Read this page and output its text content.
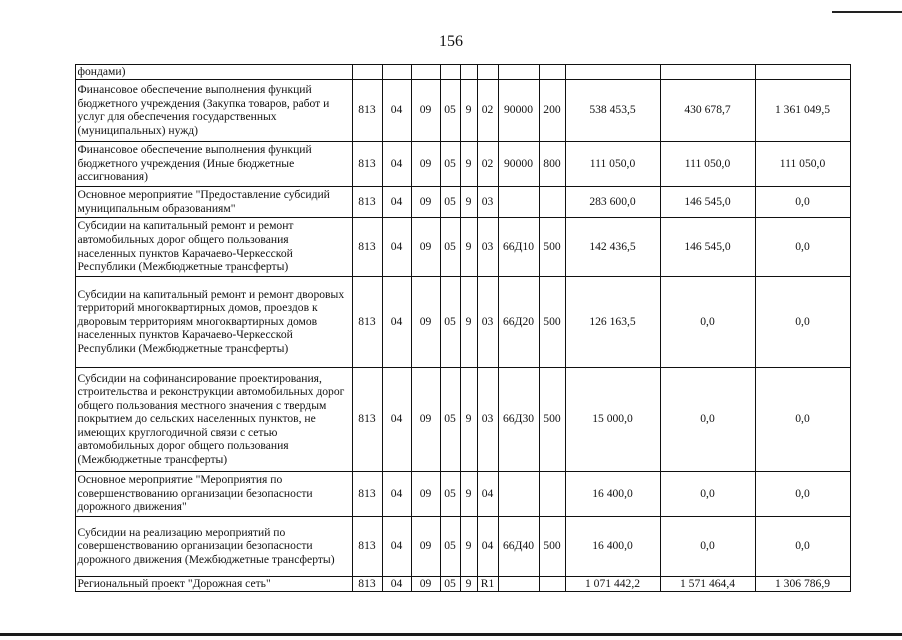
156
	фондами)											
	Финансовое обеспечение выполнения функций бюджетного учреждения (Закупка товаров, работ и услуг для обеспечения государственных (муниципальных) нужд)	813	04	09	05	9	02	90000	200	538 453,5	430 678,7	1 361 049,5
	Финансовое обеспечение выполнения функций бюджетного учреждения (Иные бюджетные ассигнования)	813	04	09	05	9	02	90000	800	111 050,0	111 050,0	111 050,0
	Основное мероприятие "Предоставление субсидий муниципальным образованиям"	813	04	09	05	9	03			283 600,0	146 545,0	0,0
	Субсидии на капитальный ремонт и ремонт автомобильных дорог общего пользования населенных пунктов Карачаево-Черкесской Республики (Межбюджетные трансферты)	813	04	09	05	9	03	66Д10	500	142 436,5	146 545,0	0,0
	Субсидии на капитальный ремонт и ремонт дворовых территорий многоквартирных домов, проездов к дворовым территориям многоквартирных домов населенных пунктов Карачаево-Черкесской Республики (Межбюджетные трансферты)	813	04	09	05	9	03	66Д20	500	126 163,5	0,0	0,0
	Субсидии на софинансирование проектирования, строительства и реконструкции автомобильных дорог общего пользования местного значения с твердым покрытием до сельских населенных пунктов, не имеющих круглогодичной связи с сетью автомобильных дорог общего пользования (Межбюджетные трансферты)	813	04	09	05	9	03	66Д30	500	15 000,0	0,0	0,0
	Основное мероприятие "Мероприятия по совершенствованию организации безопасности дорожного движения"	813	04	09	05	9	04			16 400,0	0,0	0,0
	Субсидии на реализацию мероприятий по совершенствованию организации безопасности дорожного движения (Межбюджетные трансферты)	813	04	09	05	9	04	66Д40	500	16 400,0	0,0	0,0
	Региональный проект "Дорожная сеть"	813	04	09	05	9	R1			1 071 442,2	1 571 464,4	1 306 786,9
